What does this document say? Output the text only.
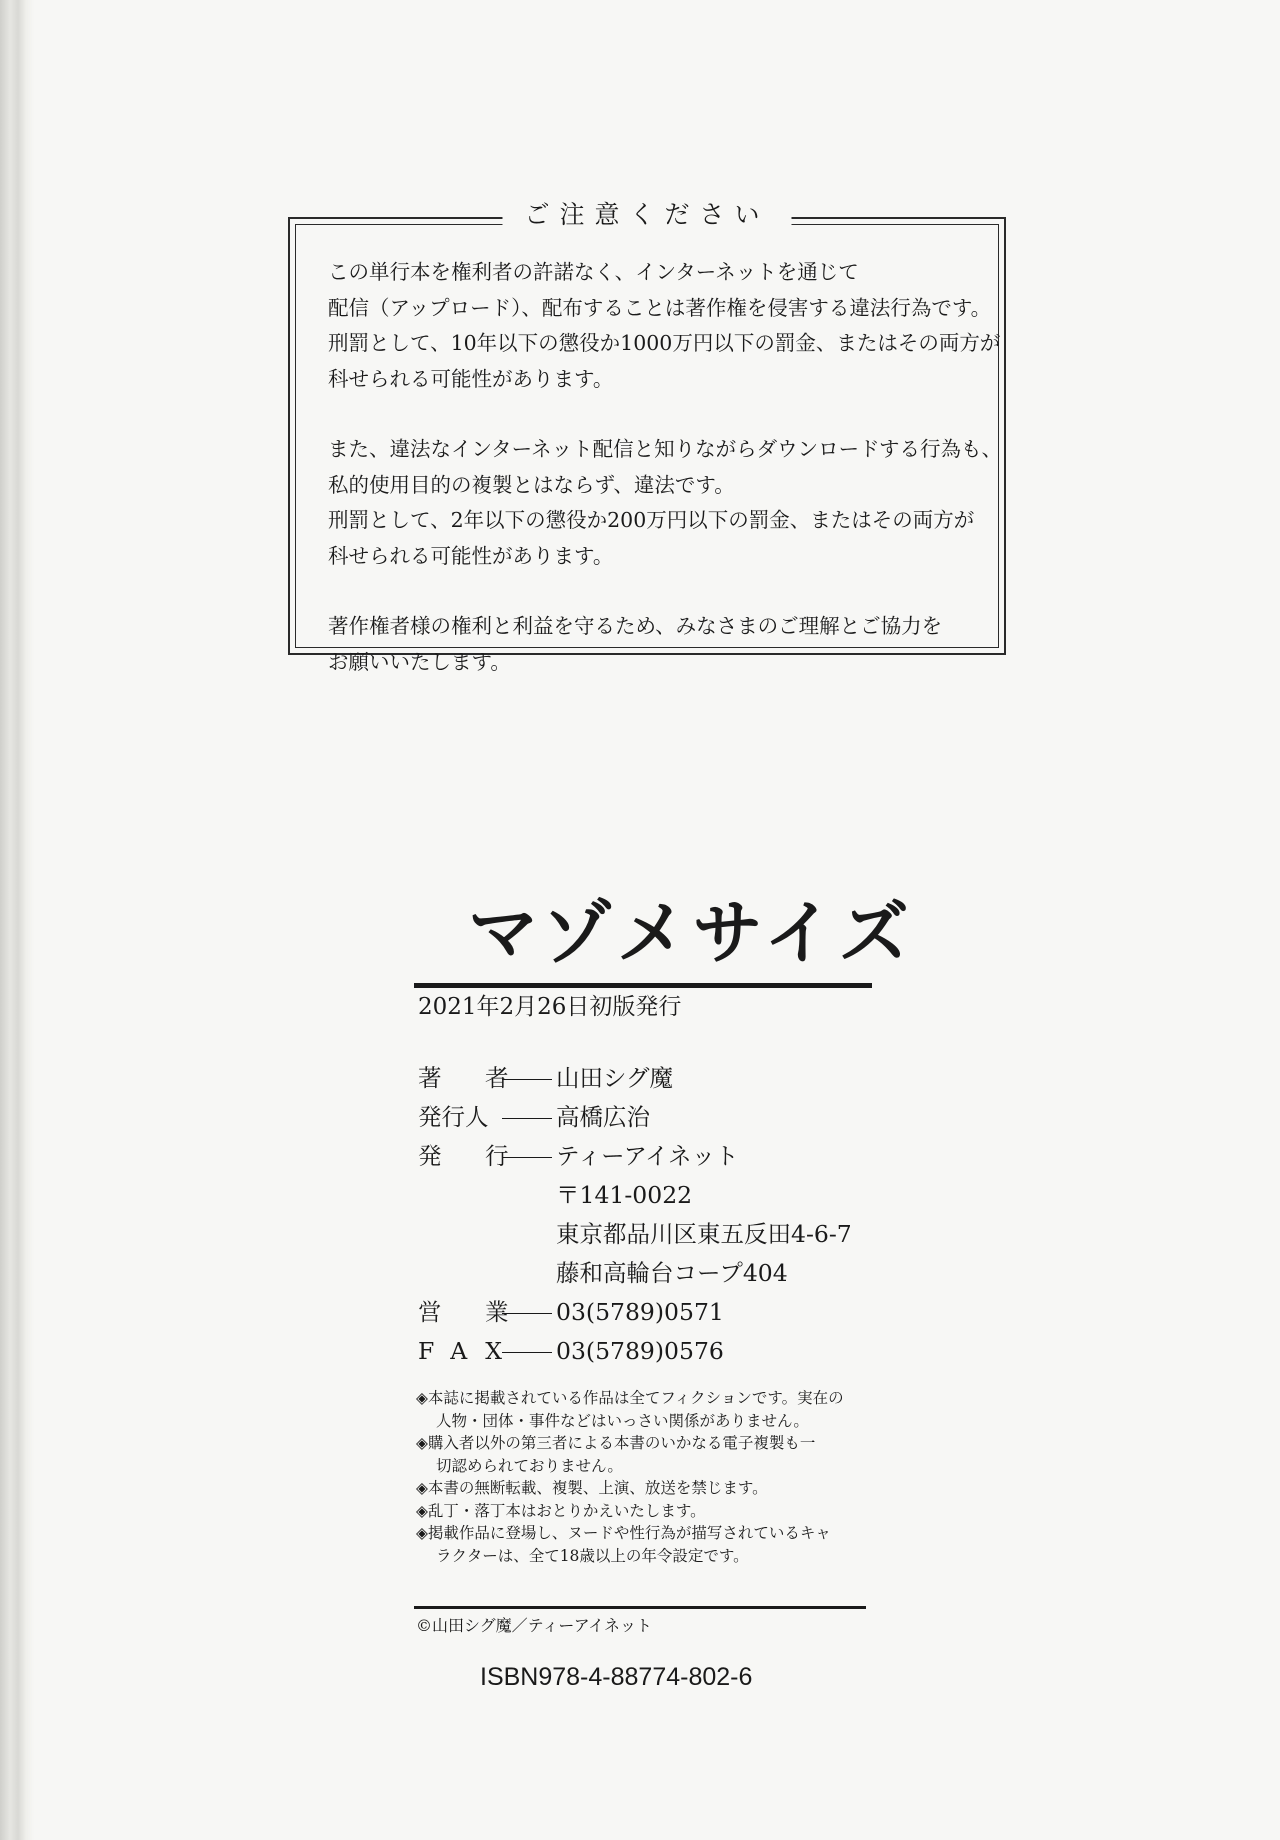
ご注意ください

この単行本を権利者の許諾なく、インターネットを通じて
配信（アップロード）、配布することは著作権を侵害する違法行為です。
刑罰として、10年以下の懲役か1000万円以下の罰金、またはその両方が
科せられる可能性があります。

また、違法なインターネット配信と知りながらダウンロードする行為も、
私的使用目的の複製とはならず、違法です。
刑罰として、2年以下の懲役か200万円以下の罰金、またはその両方が
科せられる可能性があります。

著作権者様の権利と利益を守るため、みなさまのご理解とご協力を
お願いいたします。

マゾメサイズ
2021年2月26日初版発行
著 者 山田シグ魔
発行人	高橋広治
発 行 ティーアイネット
〒141-0022
東京都品川区東五反田4-6-7
藤和高輪台コープ404
営 業 03(5789)0571
FAX 03(5789)0576
◈本誌に掲載されている作品は全てフィクションです。実在の
人物・団体・事件などはいっさい関係がありません。
◈購入者以外の第三者による本書のいかなる電子複製も一
切認められておりません。
◈本書の無断転載、複製、上演、放送を禁じます。
◈乱丁・落丁本はおとりかえいたします。
◈掲載作品に登場し、ヌードや性行為が描写されているキャ
ラクターは、全て18歳以上の年令設定です。
©山田シグ魔／ティーアイネット
ISBN978-4-88774-802-6
